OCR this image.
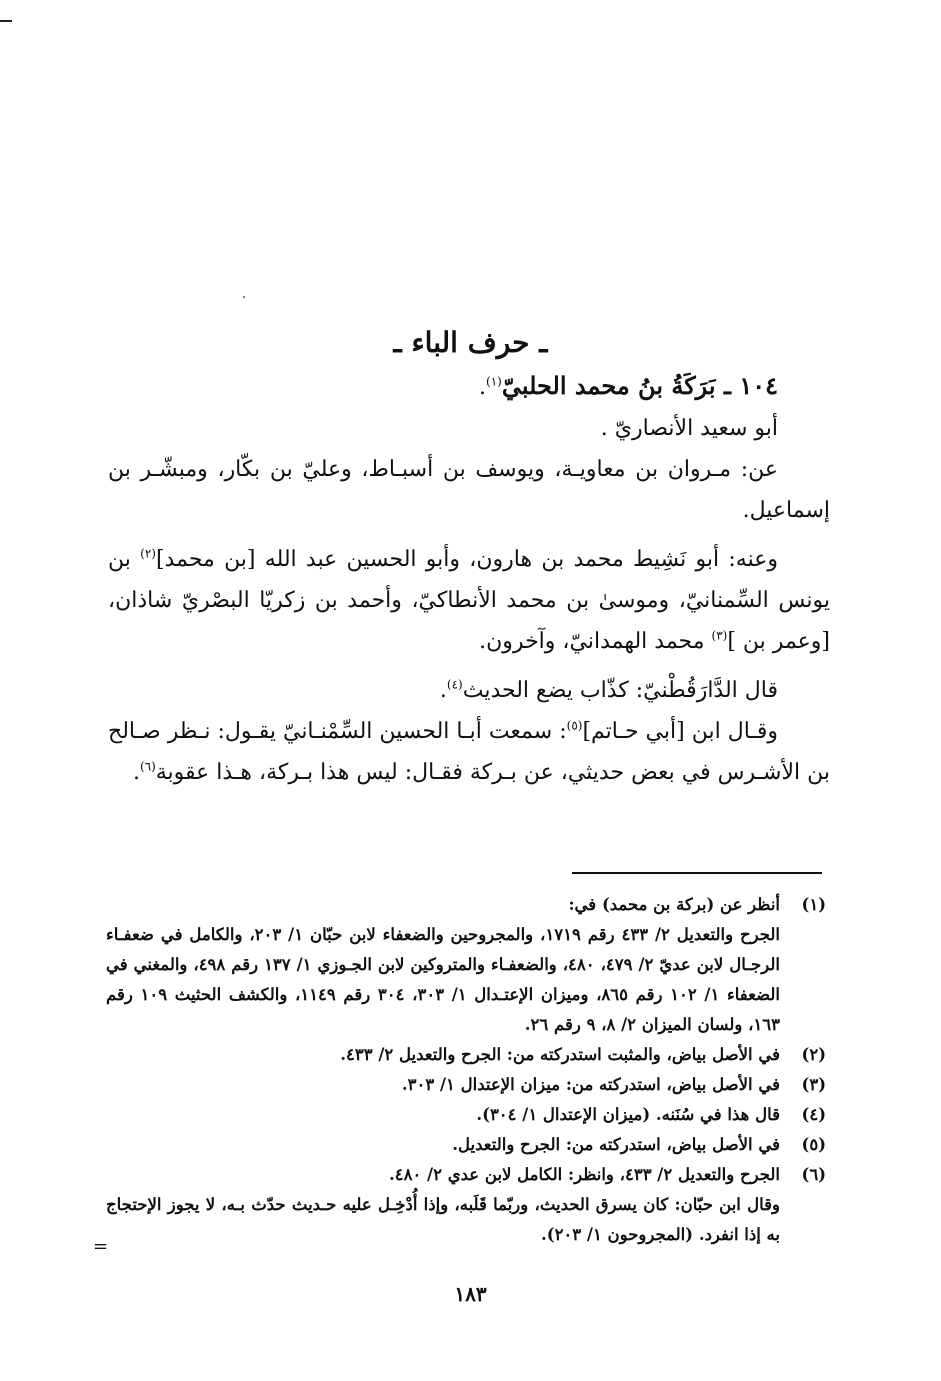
ـ حرف الباء ـ

١٠٤ ـ بَرَكَةُ بنُ محمد الحلبيّ$^{(١)}$.

أبو سعيد الأنصاريّ .

عن: مـروان بن معاويـة، ويوسف بن أسبـاط، وعليّ بن بكّار، ومبشّـر بن إسماعيل.

وعنه: أبو نَشِيط محمد بن هارون، وأبو الحسين عبد الله [بن محمد]$^{(٢)}$ بن يونس السِّمنانيّ، وموسىٰ بن محمد الأنطاكيّ، وأحمد بن زكريّا البصْريّ شاذان، [وعمر بن ]$^{(٣)}$ محمد الهمدانيّ، وآخرون.

قال الدَّارَقُطْنيّ: كذّاب يضع الحديث$^{(٤)}$.

وقـال ابن [أبي حـاتم]$^{(٥)}$: سمعت أبـا الحسين السِّمْنـانيّ يقـول: نـظر صـالح بن الأشـرس في بعض حديثي، عن بـركة فقـال: ليس هذا بـركة، هـذا عقوبة$^{(٦)}$.

(١)
أنظر عن (بركة بن محمد) في:
الجرح والتعديل ٢/ ٤٣٣ رقم ١٧١٩، والمجروحين والضعفاء لابن حبّان ١/ ٢٠٣، والكامل في ضعفـاء الرجـال لابن عديّ ٢/ ٤٧٩، ٤٨٠، والضعفـاء والمتروكين لابن الجـوزي ١/ ١٣٧ رقم ٤٩٨، والمغني في الضعفاء ١/ ١٠٢ رقم ٨٦٥، وميزان الإعتـدال ١/ ٣٠٣، ٣٠٤ رقم ١١٤٩، والكشف الحثيث ١٠٩ رقم ١٦٣، ولسان الميزان ٢/ ٨، ٩ رقم ٢٦.
(٢)
في الأصل بياض، والمثبت استدركته من: الجرح والتعديل ٢/ ٤٣٣.
(٣)
في الأصل بياض، استدركته من: ميزان الإعتدال ١/ ٣٠٣.
(٤)
قال هذا في سُنَنه. (ميزان الإعتدال ١/ ٣٠٤).
(٥)
في الأصل بياض، استدركته من: الجرح والتعديل.
(٦)
الجرح والتعديل ٢/ ٤٣٣، وانظر: الكامل لابن عدي ٢/ ٤٨٠.
وقال ابن حبّان: كان يسرق الحديث، وربّما قَلَبه، وإذا أُدْخِـل عليه حـديث حدّث بـه، لا يجوز الإحتجاج به إذا انفرد. (المجروحون ١/ ٢٠٣).
=
١٨٣
